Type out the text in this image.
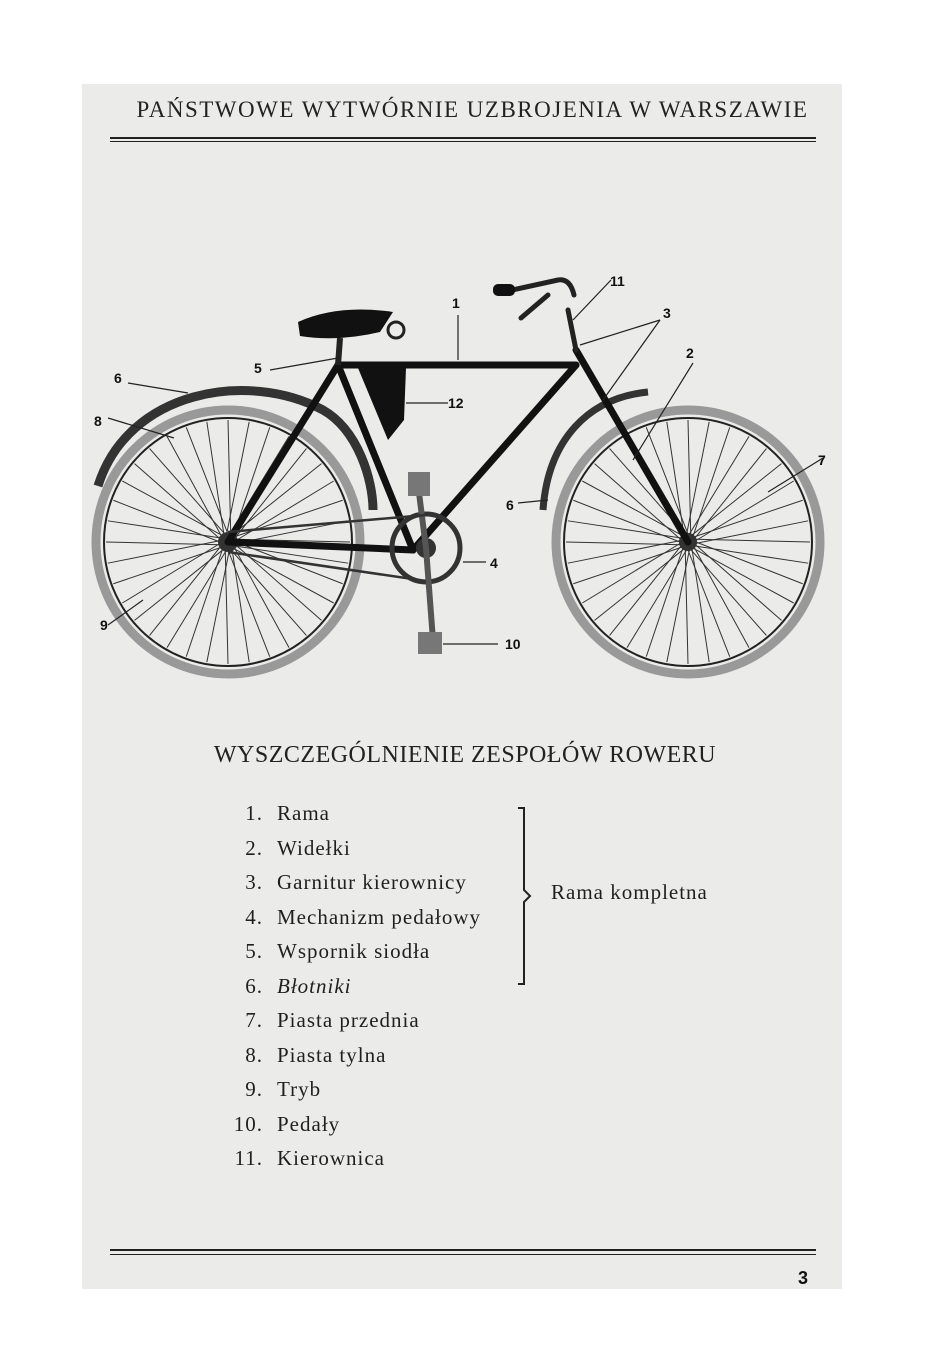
PAŃSTWOWE WYTWÓRNIE UZBROJENIA W WARSZAWIE
1
2
3
4
5
6
6
7
8
9
10
11
12
WYSZCZEGÓLNIENIE ZESPOŁÓW ROWERU
1. Rama
2. Widełki
3. Garnitur kierownicy
4. Mechanizm pedałowy
5. Wspornik siodła
6. Błotniki
7. Piasta przednia
8. Piasta tylna
9. Tryb
10. Pedały
11. Kierownica
Rama kompletna
3
